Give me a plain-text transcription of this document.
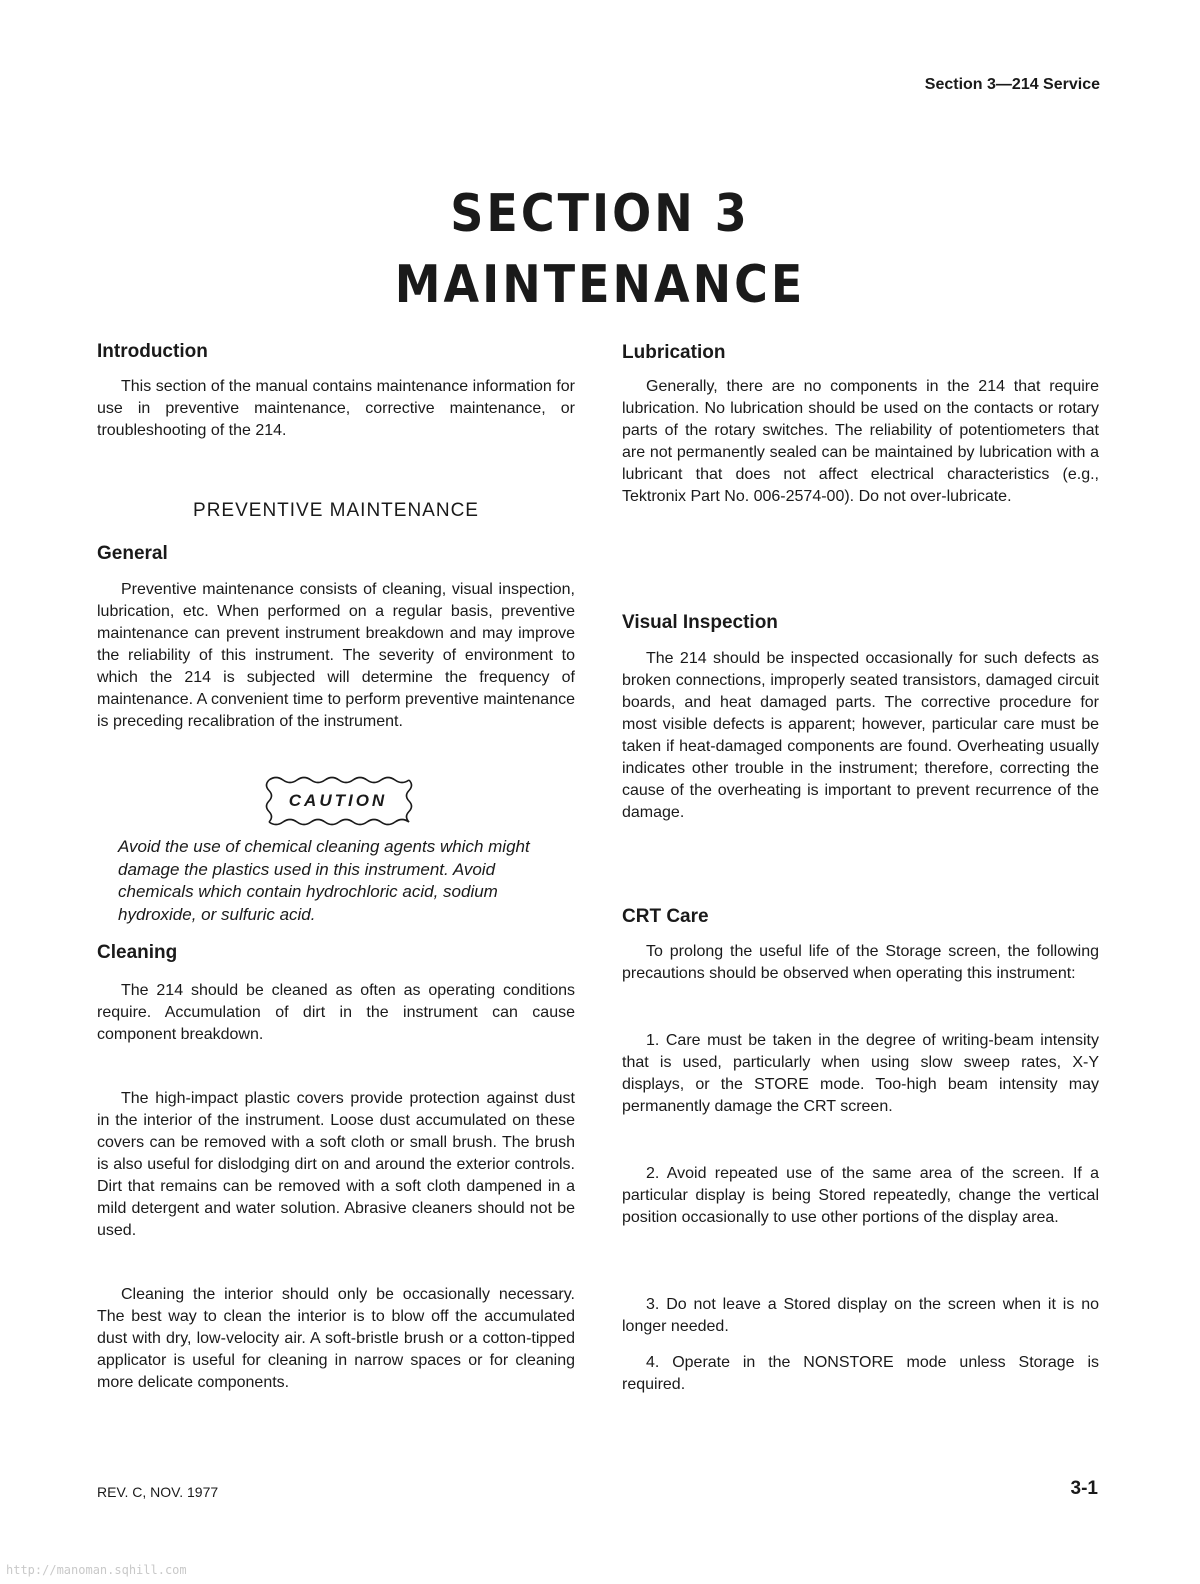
Section 3—214 Service
SECTION 3
MAINTENANCE
Introduction

This section of the manual contains maintenance information for use in preventive maintenance, corrective maintenance, or troubleshooting of the 214.

PREVENTIVE MAINTENANCE
General

Preventive maintenance consists of cleaning, visual inspection, lubrication, etc. When performed on a regular basis, preventive maintenance can prevent instrument breakdown and may improve the reliability of this instrument. The severity of environment to which the 214 is subjected will determine the frequency of maintenance. A convenient time to perform preventive maintenance is preceding recalibration of the instrument.

CAUTION

Avoid the use of chemical cleaning agents which might damage the plastics used in this instrument. Avoid chemicals which contain hydrochloric acid, sodium hydroxide, or sulfuric acid.

Cleaning

The 214 should be cleaned as often as operating conditions require. Accumulation of dirt in the instrument can cause component breakdown.

The high-impact plastic covers provide protection against dust in the interior of the instrument. Loose dust accumulated on these covers can be removed with a soft cloth or small brush. The brush is also useful for dislodging dirt on and around the exterior controls. Dirt that remains can be removed with a soft cloth dampened in a mild detergent and water solution. Abrasive cleaners should not be used.

Cleaning the interior should only be occasionally necessary. The best way to clean the interior is to blow off the accumulated dust with dry, low-velocity air. A soft-bristle brush or a cotton-tipped applicator is useful for cleaning in narrow spaces or for cleaning more delicate components.

Lubrication

Generally, there are no components in the 214 that require lubrication. No lubrication should be used on the contacts or rotary parts of the rotary switches. The reliability of potentiometers that are not permanently sealed can be maintained by lubrication with a lubricant that does not affect electrical characteristics (e.g., Tektronix Part No. 006-2574-00). Do not over-lubricate.

Visual Inspection

The 214 should be inspected occasionally for such defects as broken connections, improperly seated transistors, damaged circuit boards, and heat damaged parts. The corrective procedure for most visible defects is apparent; however, particular care must be taken if heat-damaged components are found. Overheating usually indicates other trouble in the instrument; therefore, correcting the cause of the overheating is important to prevent recurrence of the damage.

CRT Care

To prolong the useful life of the Storage screen, the following precautions should be observed when operating this instrument:

1. Care must be taken in the degree of writing-beam intensity that is used, particularly when using slow sweep rates, X-Y displays, or the STORE mode. Too-high beam intensity may permanently damage the CRT screen.

2. Avoid repeated use of the same area of the screen. If a particular display is being Stored repeatedly, change the vertical position occasionally to use other portions of the display area.

3. Do not leave a Stored display on the screen when it is no longer needed.

4. Operate in the NONSTORE mode unless Storage is required.

REV. C, NOV. 1977	3-1
http://manoman.sqhill.com
